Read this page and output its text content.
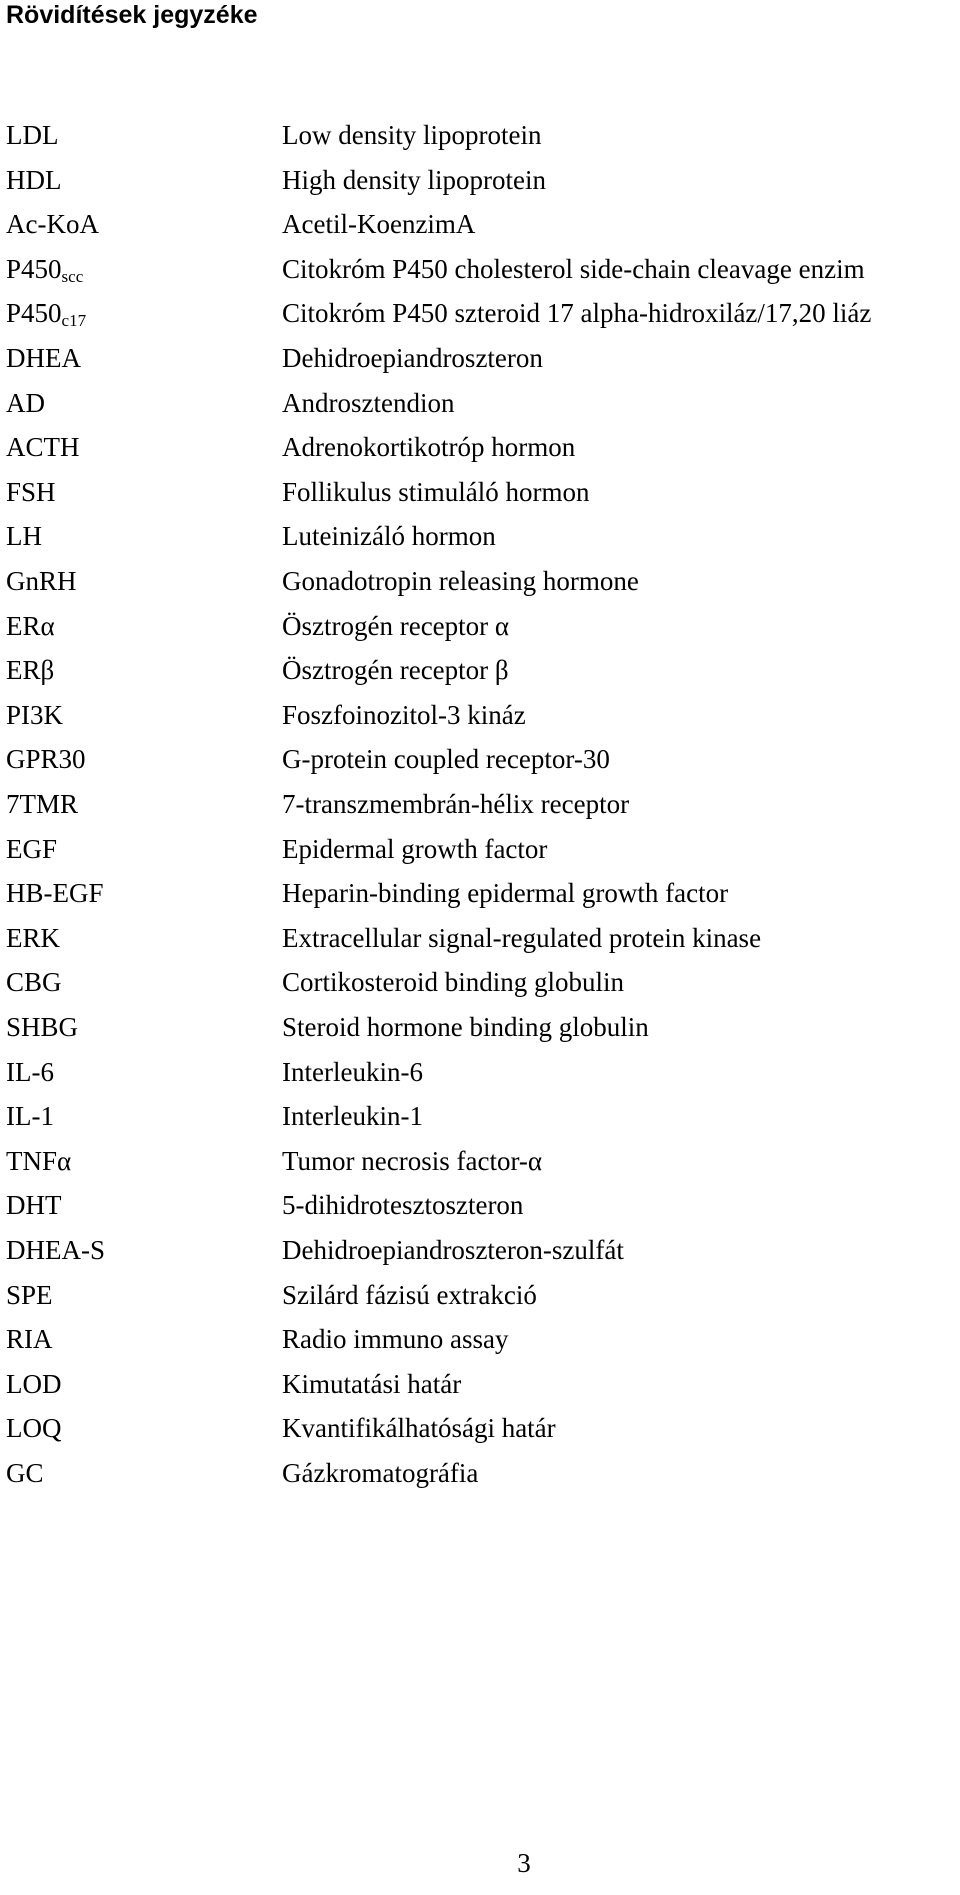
Rövidítések jegyzéke
LDL	Low density lipoprotein
HDL	High density lipoprotein
Ac-KoA	Acetil-KoenzimA
$P450_{scc}$	Citokróm P450 cholesterol side-chain cleavage enzim
$P450_{c17}$	Citokróm P450 szteroid 17 alpha-hidroxiláz/17,20 liáz
DHEA	Dehidroepiandroszteron
AD	Androsztendion
ACTH	Adrenokortikotróp hormon
FSH	Follikulus stimuláló hormon
LH	Luteinizáló hormon
GnRH	Gonadotropin releasing hormone
ERα	Ösztrogén receptor α
ERβ	Ösztrogén receptor β
PI3K	Foszfoinozitol-3 kináz
GPR30	G-protein coupled receptor-30
7TMR	7-transzmembrán-hélix receptor
EGF	Epidermal growth factor
HB-EGF	Heparin-binding epidermal growth factor
ERK	Extracellular signal-regulated protein kinase
CBG	Cortikosteroid binding globulin
SHBG	Steroid hormone binding globulin
IL-6	Interleukin-6
IL-1	Interleukin-1
TNFα	Tumor necrosis factor-α
DHT	5-dihidrotesztoszteron
DHEA-S	Dehidroepiandroszteron-szulfát
SPE	Szilárd fázisú extrakció
RIA	Radio immuno assay
LOD	Kimutatási határ
LOQ	Kvantifikálhatósági határ
GC	Gázkromatográfia
3
